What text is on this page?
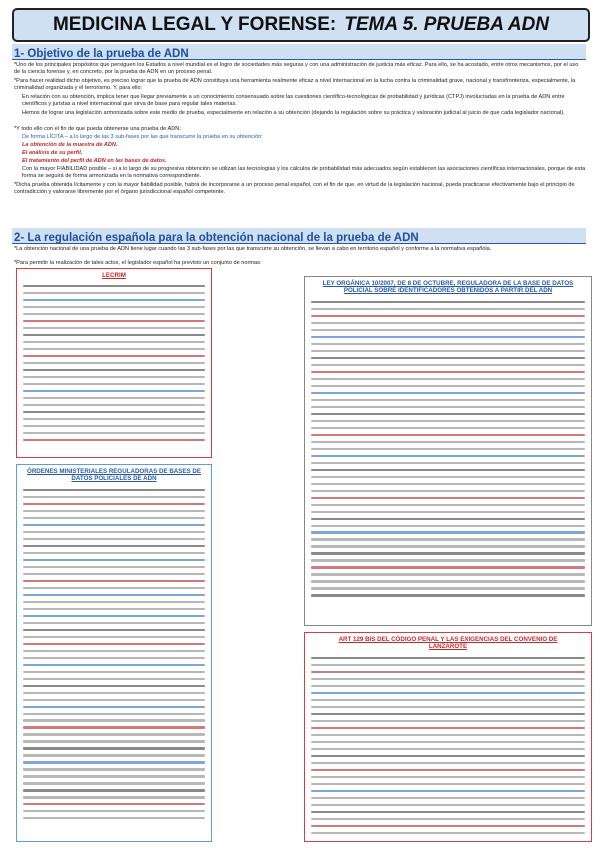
MEDICINA LEGAL Y FORENSE: TEMA 5. PRUEBA ADN
1- Objetivo de la prueba de ADN

*Uno de los principales propósitos que persiguen los Estados a nivel mundial es el logro de sociedades más seguras y con una administración de justicia más eficaz. Para ello, se ha acostado, entre otros mecanismos, por el uso de la ciencia forense y, en concreto, por la prueba de ADN en un proceso penal.

*Para hacer realidad dicho objetivo, es preciso lograr que la prueba de ADN constituya una herramienta realmente eficaz a nivel internacional en la lucha contra la criminalidad grave, nacional y transfronteriza, especialmente, la criminalidad organizada y el terrorismo. Y, para ello:

En relación con su obtención, implica tener que llegar previamente a un conocimiento consensuado sobre las cuestiones científico-tecnológicas de probabilidad y jurídicas (CTPJ) involucradas en la prueba de ADN entre científicos y juristas a nivel internacional que sirva de base para regular tales materias.

Hemos de lograr una legislación armonizada sobre este medio de prueba, especialmente en relación a su obtención (dejando la regulación sobre su práctica y valoración judicial al juicio de que cada legislador nacional).

*Y todo ello con el fin de que pueda obtenerse una prueba de ADN:

De forma LÍCITA – a lo largo de las 3 sub-fases por las que transcurre la prueba en su obtención:

La obtención de la muestra de ADN.

El análisis de su perfil.

El tratamiento del perfil de ADN en las bases de datos.

Con la mayor FIABILIDAD posible – si a lo largo de su progresiva obtención se utilizan las tecnologías y los cálculos de probabilidad más adecuados según establecen las asociaciones científicas internacionales, porque de esta forma se seguirá de forma armonizada en la normativa correspondiente.

*Dicha prueba obtenida lícitamente y con la mayor fiabilidad posible, habrá de incorporarse a un proceso penal español, con el fin de que, en virtud de la legislación nacional, pueda practicarse efectivamente bajo el principio de contradicción y valorarse libremente por el órgano jurisdiccional español competente.

2- La regulación española para la obtención nacional de la prueba de ADN

*La obtención nacional de una prueba de ADN tiene lugar cuando las 3 sub-fases por las que transcurre su obtención, se llevan a cabo en territorio español y conforme a la normativa española.

*Para permitir la realización de tales actos, el legislador español ha previsto un conjunto de normas:

LECRIM
ÓRDENES MINISTERIALES REGULADORAS DE BASES DE DATOS POLICIALES DE ADN
LEY ORGÁNICA 10/2007, DE 8 DE OCTUBRE, REGULADORA DE LA BASE DE DATOS POLICIAL SOBRE IDENTIFICADORES OBTENIDOS A PARTIR DEL ADN
ART 129 BIS DEL CÓDIGO PENAL Y LAS EXIGENCIAS DEL CONVENIO DE LANZAROTE
